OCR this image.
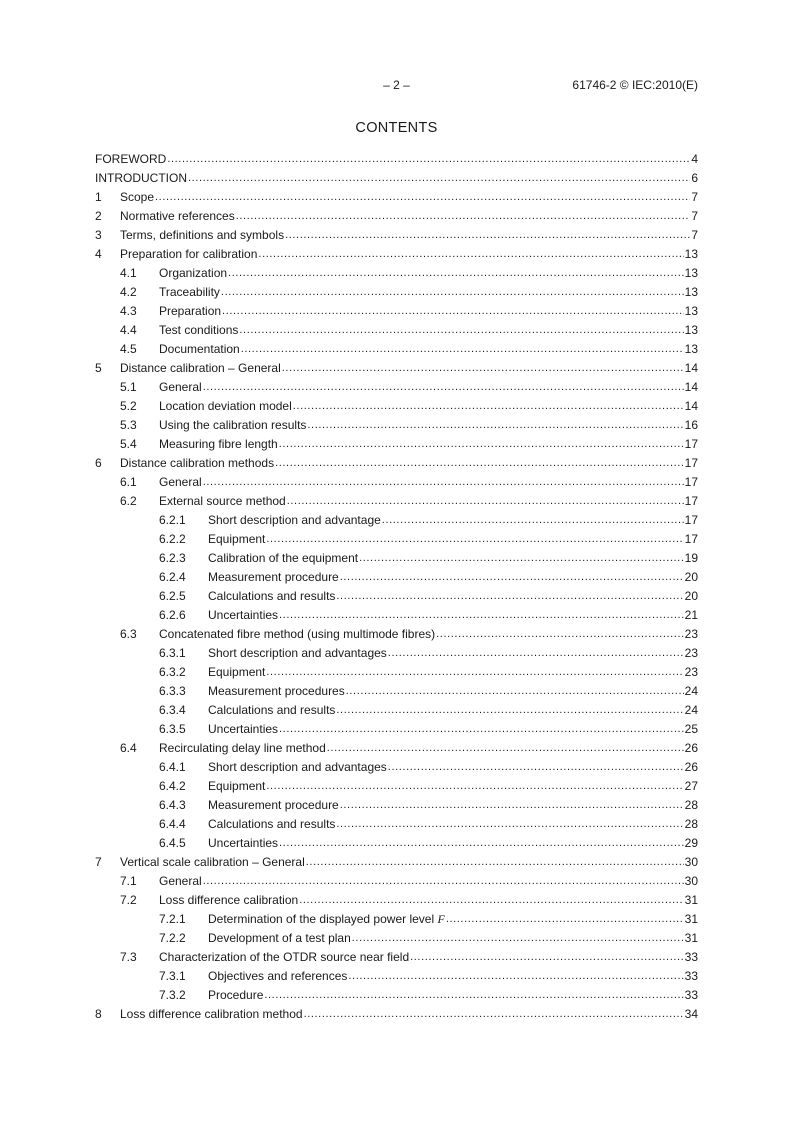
– 2 –	61746-2 © IEC:2010(E)
CONTENTS
FOREWORD .....	4
INTRODUCTION .....	6
1	Scope .....	7
2	Normative references .....	7
3	Terms, definitions and symbols .....	7
4	Preparation for calibration .....	13
4.1	Organization .....	13
4.2	Traceability .....	13
4.3	Preparation .....	13
4.4	Test conditions .....	13
4.5	Documentation .....	13
5	Distance calibration – General .....	14
5.1	General .....	14
5.2	Location deviation model .....	14
5.3	Using the calibration results .....	16
5.4	Measuring fibre length .....	17
6	Distance calibration methods .....	17
6.1	General .....	17
6.2	External source method .....	17
6.2.1	Short description and advantage .....	17
6.2.2	Equipment .....	17
6.2.3	Calibration of the equipment .....	19
6.2.4	Measurement procedure .....	20
6.2.5	Calculations and results .....	20
6.2.6	Uncertainties .....	21
6.3	Concatenated fibre method (using multimode fibres) .....	23
6.3.1	Short description and advantages .....	23
6.3.2	Equipment .....	23
6.3.3	Measurement procedures .....	24
6.3.4	Calculations and results .....	24
6.3.5	Uncertainties .....	25
6.4	Recirculating delay line method .....	26
6.4.1	Short description and advantages .....	26
6.4.2	Equipment .....	27
6.4.3	Measurement procedure .....	28
6.4.4	Calculations and results .....	28
6.4.5	Uncertainties .....	29
7	Vertical scale calibration – General .....	30
7.1	General .....	30
7.2	Loss difference calibration .....	31
7.2.1	Determination of the displayed power level F .....	31
7.2.2	Development of a test plan .....	31
7.3	Characterization of the OTDR source near field .....	33
7.3.1	Objectives and references .....	33
7.3.2	Procedure .....	33
8	Loss difference calibration method .....	34
